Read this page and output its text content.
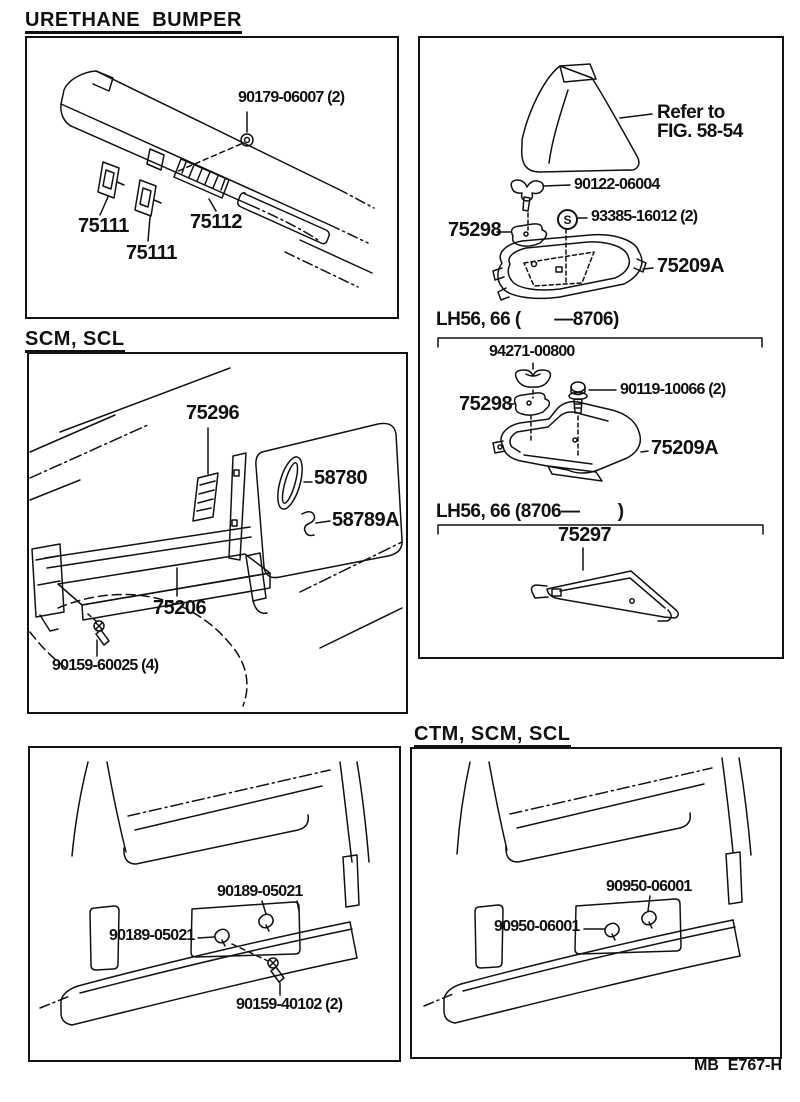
URETHANE  BUMPER
90179-06007 (2)
75111	75112
75111
SCM, SCL
75296
58780
58789A
75206
90159-60025 (4)
Refer to
FIG. 58-54
90122-06004
S	93385-16012 (2)
75298
75209A
LH56, 66 (       —8706)
94271-00800
75298
90119-10066 (2)
75209A
LH56, 66 (8706—        )
75297
90189-05021
90189-05021
90159-40102 (2)
CTM, SCM, SCL
90950-06001
90950-06001
MB  E767-H
